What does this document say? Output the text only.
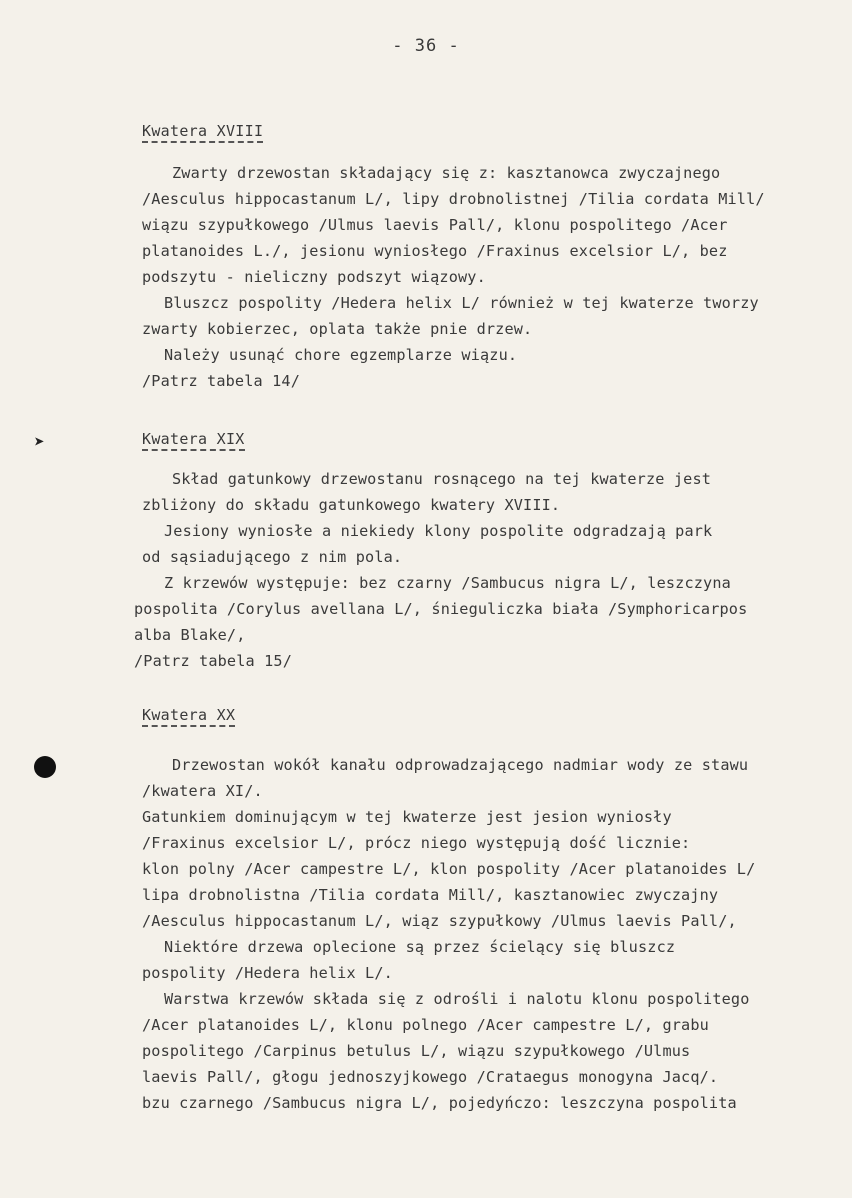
- 36 -
Kwatera XVIII
Zwarty drzewostan składający się z: kasztanowca zwyczajnego
/Aesculus hippocastanum L/, lipy drobnolistnej /Tilia cordata Mill/
wiązu szypułkowego /Ulmus laevis Pall/, klonu pospolitego /Acer
platanoides L./, jesionu wyniosłego /Fraxinus excelsior L/, bez
podszytu - nieliczny podszyt wiązowy.
Bluszcz pospolity /Hedera helix L/ również w tej kwaterze tworzy
zwarty kobierzec, oplata także pnie drzew.
Należy usunąć chore egzemplarze wiązu.
/Patrz tabela 14/
➤	Kwatera XIX
Skład gatunkowy drzewostanu rosnącego na tej kwaterze jest
zbliżony do składu gatunkowego kwatery XVIII.
Jesiony wyniosłe a niekiedy klony pospolite odgradzają park
od sąsiadującego z nim pola.
Z krzewów występuje: bez czarny /Sambucus nigra L/, leszczyna
pospolita /Corylus avellana L/, śnieguliczka biała /Symphoricarpos
alba Blake/,
/Patrz tabela 15/
Kwatera XX
Drzewostan wokół kanału odprowadzającego nadmiar wody ze stawu
/kwatera XI/.
Gatunkiem dominującym w tej kwaterze jest jesion wyniosły
/Fraxinus excelsior L/, prócz niego występują dość licznie:
klon polny /Acer campestre L/, klon pospolity /Acer platanoides L/
lipa drobnolistna /Tilia cordata Mill/, kasztanowiec zwyczajny
/Aesculus hippocastanum L/, wiąz szypułkowy /Ulmus laevis Pall/,
Niektóre drzewa oplecione są przez ścielący się bluszcz
pospolity /Hedera helix L/.
Warstwa krzewów składa się z odrośli i nalotu klonu pospolitego
/Acer platanoides L/, klonu polnego /Acer campestre L/, grabu
pospolitego /Carpinus betulus L/, wiązu szypułkowego /Ulmus
laevis Pall/, głogu jednoszyjkowego /Crataegus monogyna Jacq/.
bzu czarnego /Sambucus nigra L/, pojedyńczo: leszczyna pospolita
